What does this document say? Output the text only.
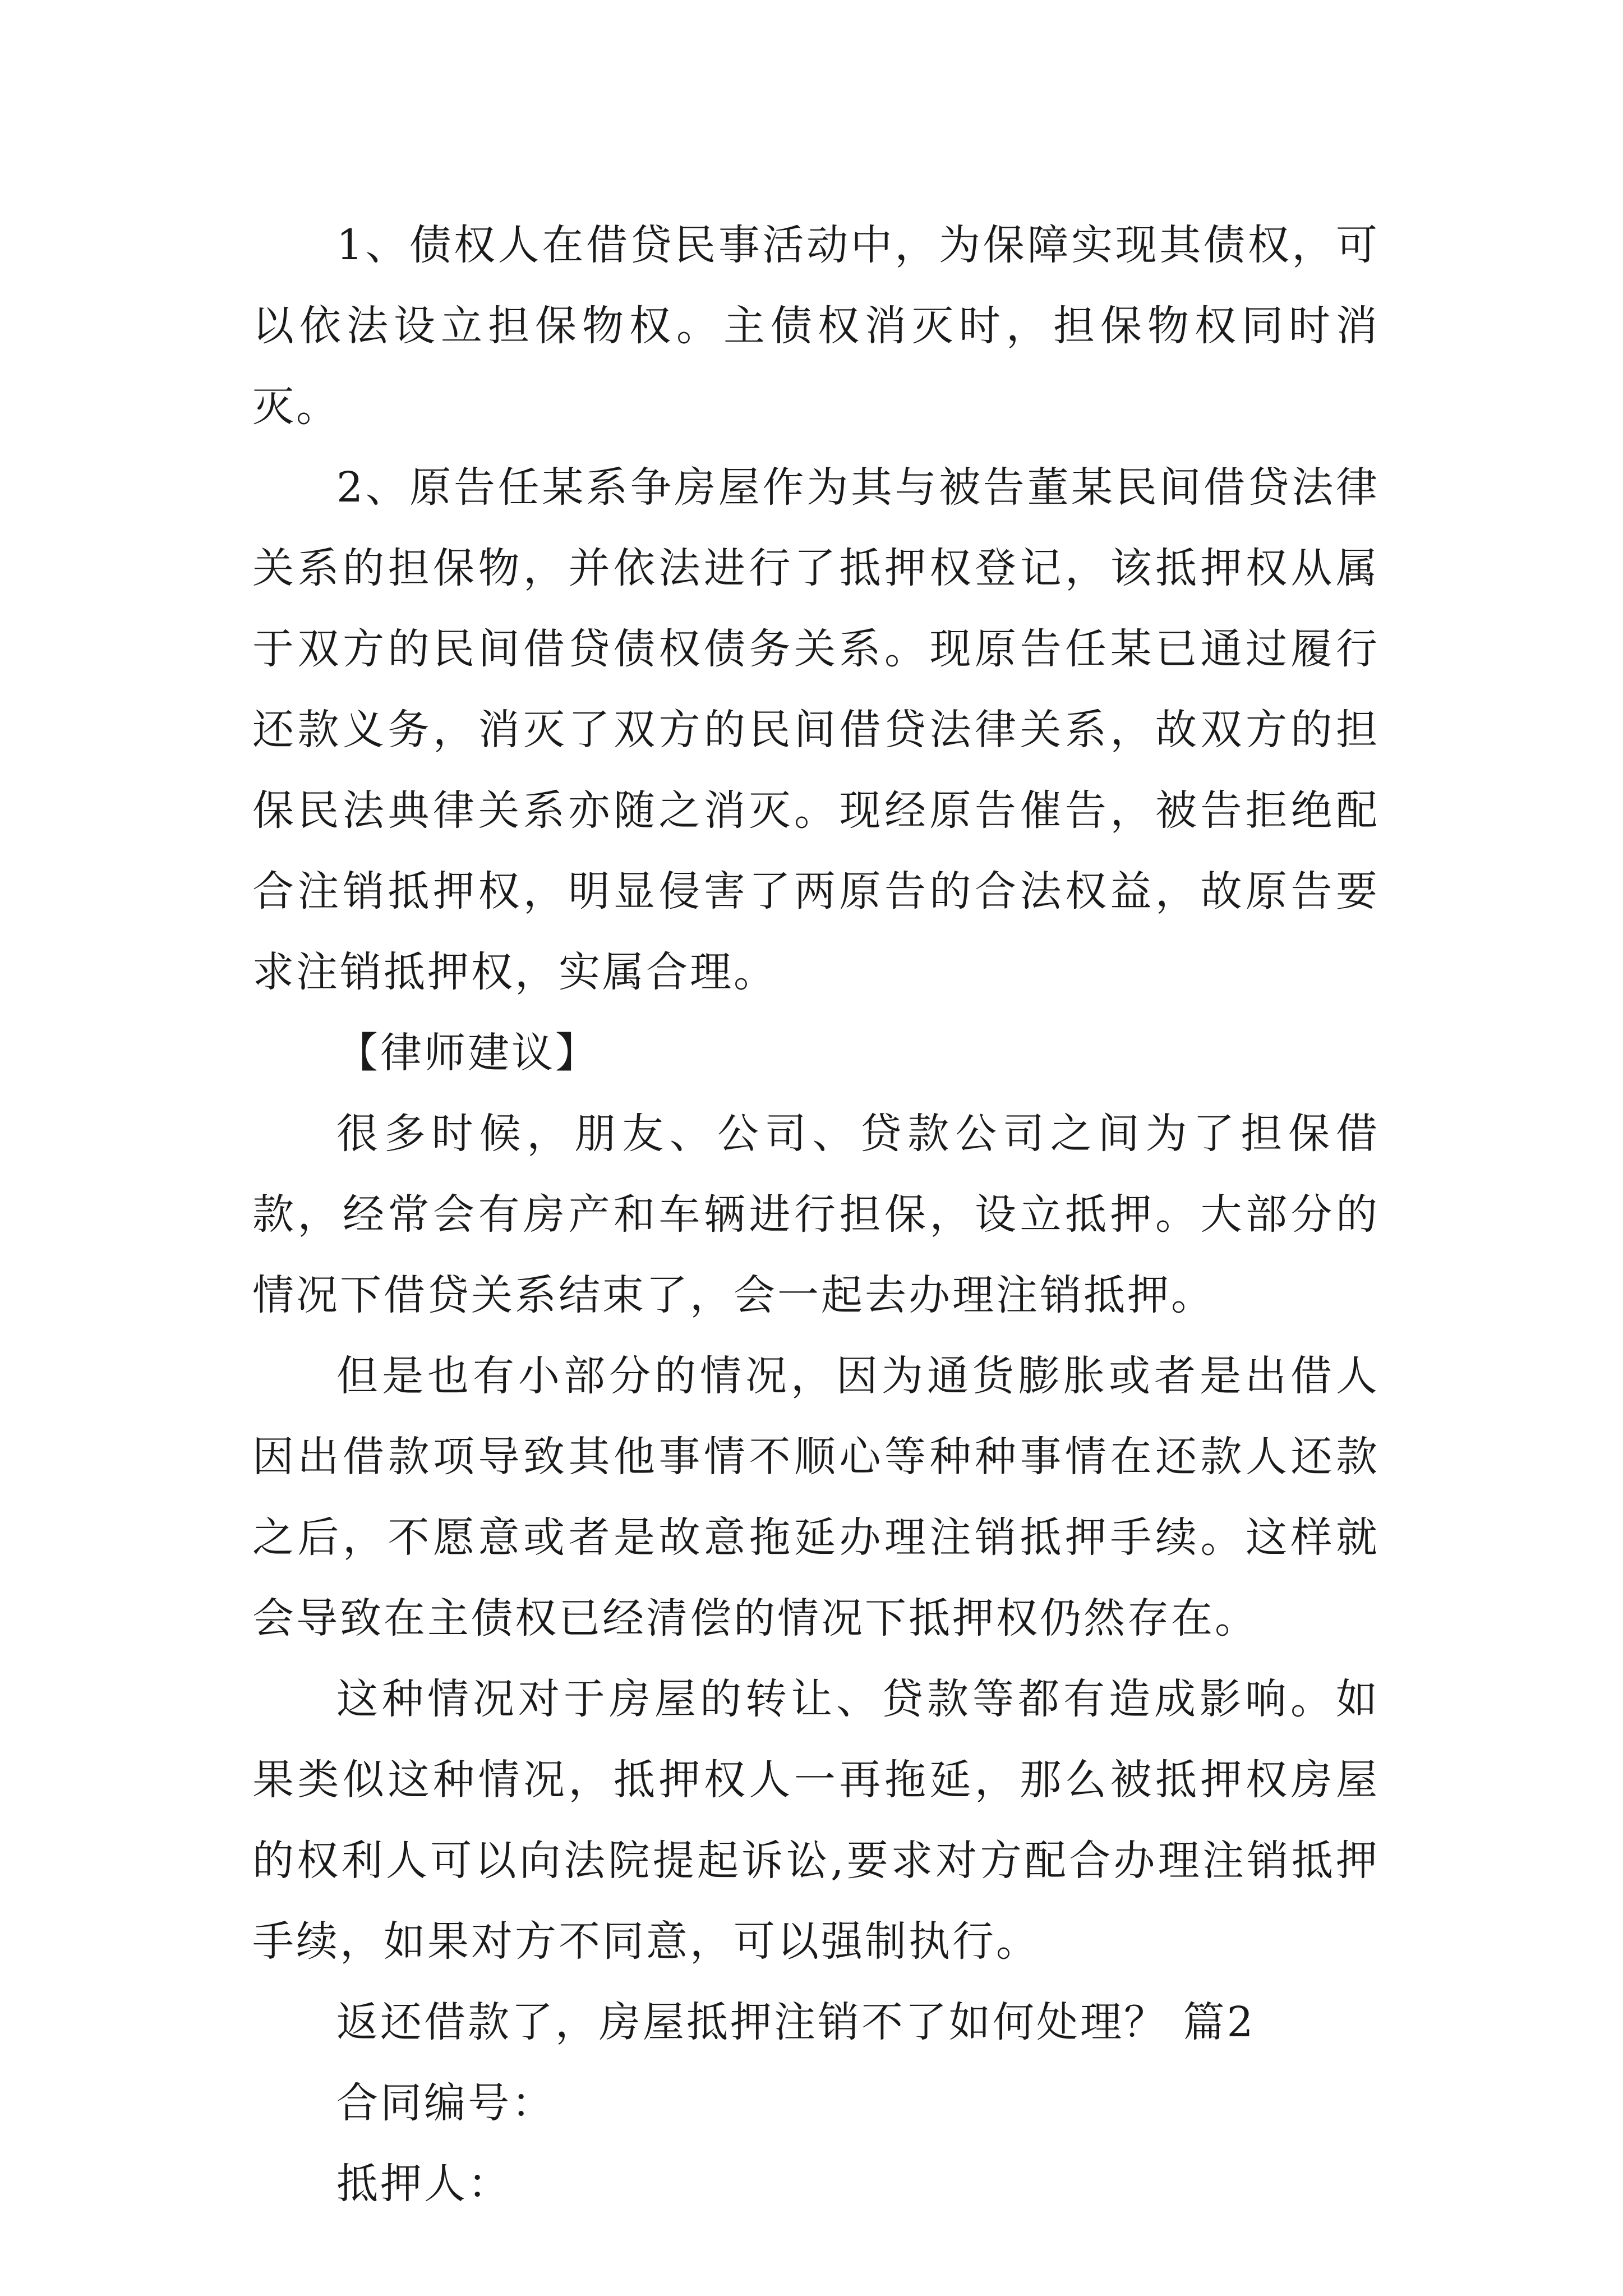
1、债权人在借贷民事活动中，为保障实现其债权，可以依法设立担保物权。主债权消灭时，担保物权同时消灭。

2、原告任某系争房屋作为其与被告董某民间借贷法律关系的担保物，并依法进行了抵押权登记，该抵押权从属于双方的民间借贷债权债务关系。现原告任某已通过履行还款义务，消灭了双方的民间借贷法律关系，故双方的担保民法典律关系亦随之消灭。现经原告催告，被告拒绝配合注销抵押权，明显侵害了两原告的合法权益，故原告要求注销抵押权，实属合理。

【律师建议】

很多时候，朋友、公司、贷款公司之间为了担保借款，经常会有房产和车辆进行担保，设立抵押。大部分的情况下借贷关系结束了，会一起去办理注销抵押。

但是也有小部分的情况，因为通货膨胀或者是出借人因出借款项导致其他事情不顺心等种种事情在还款人还款之后，不愿意或者是故意拖延办理注销抵押手续。这样就会导致在主债权已经清偿的情况下抵押权仍然存在。

这种情况对于房屋的转让、贷款等都有造成影响。如果类似这种情况，抵押权人一再拖延，那么被抵押权房屋的权利人可以向法院提起诉讼,要求对方配合办理注销抵押手续，如果对方不同意，可以强制执行。

返还借款了，房屋抵押注销不了如何处理？ 篇2

合同编号：

抵押人：
